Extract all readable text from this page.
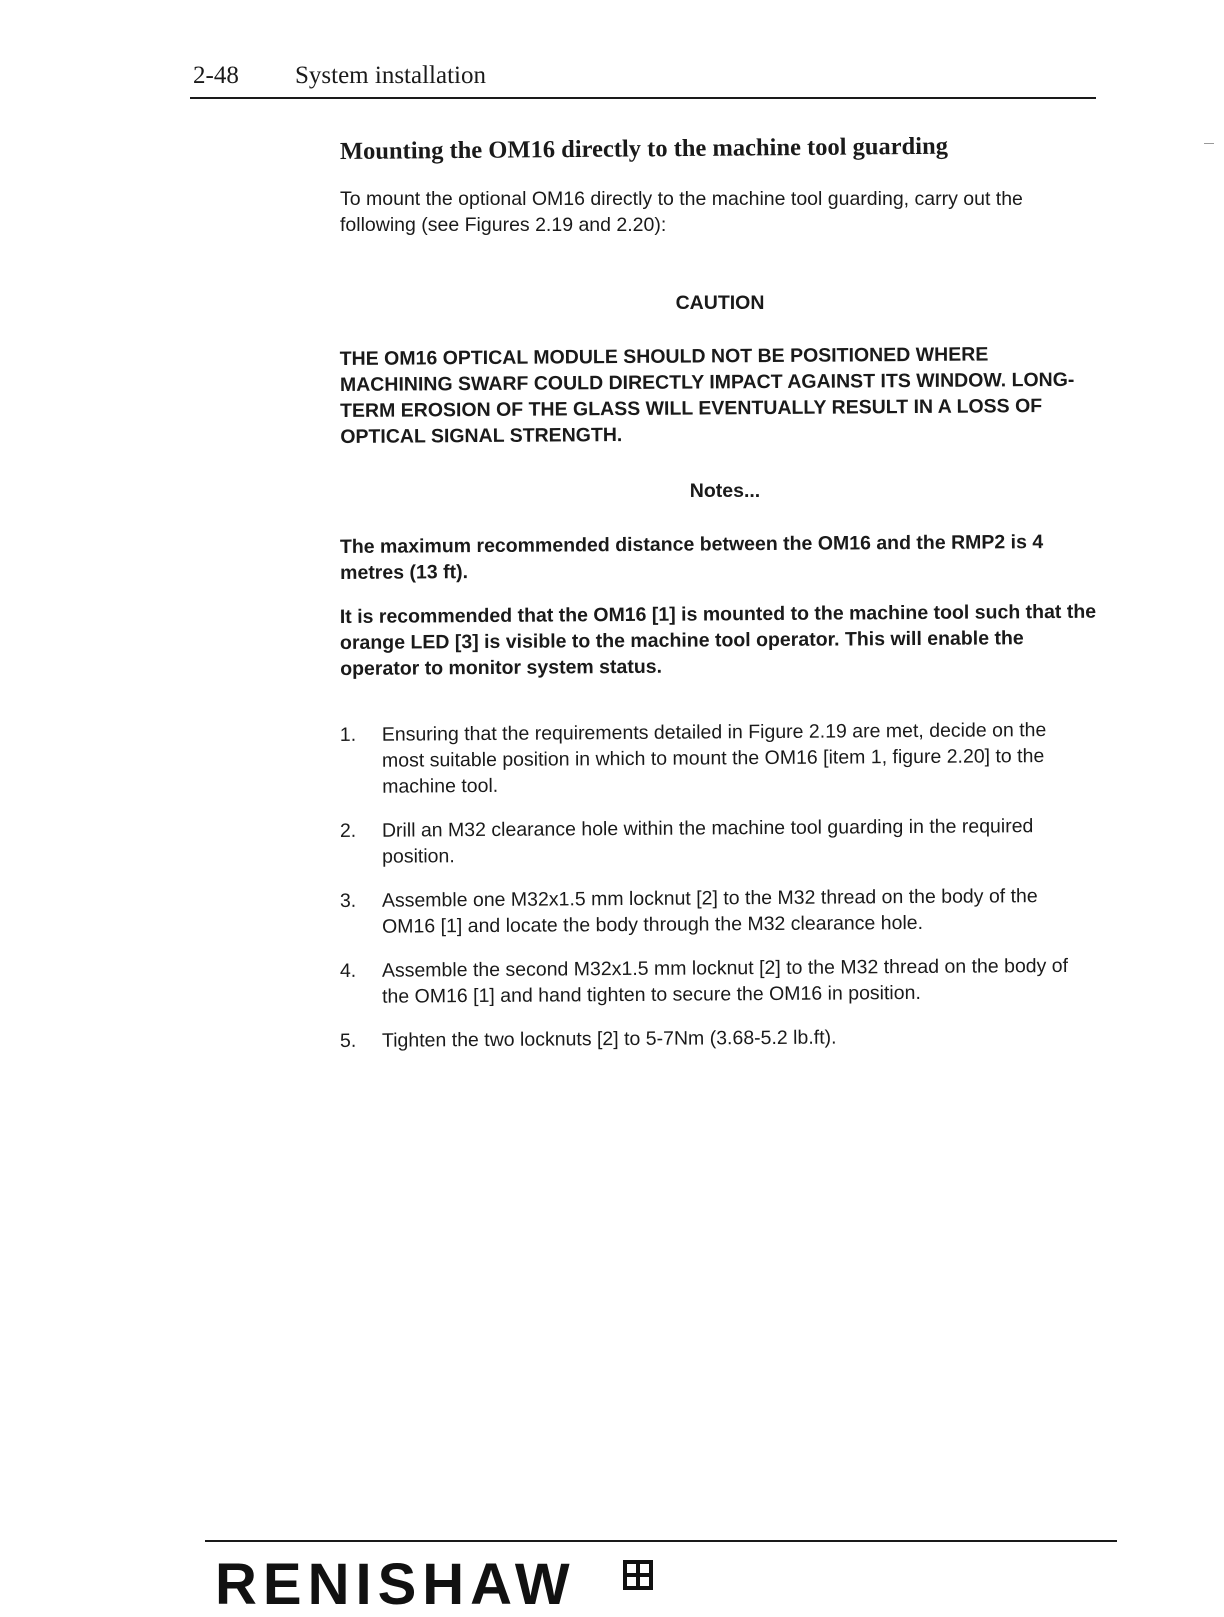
2-48 System installation
Mounting the OM16 directly to the machine tool guarding

To mount the optional OM16 directly to the machine tool guarding, carry out the following (see Figures 2.19 and 2.20):

CAUTION

THE OM16 OPTICAL MODULE SHOULD NOT BE POSITIONED WHERE MACHINING SWARF COULD DIRECTLY IMPACT AGAINST ITS WINDOW. LONG-TERM EROSION OF THE GLASS WILL EVENTUALLY RESULT IN A LOSS OF OPTICAL SIGNAL STRENGTH.

Notes...

The maximum recommended distance between the OM16 and the RMP2 is 4 metres (13 ft).

It is recommended that the OM16 [1] is mounted to the machine tool such that the orange LED [3] is visible to the machine tool operator. This will enable the operator to monitor system status.

1.	Ensuring that the requirements detailed in Figure 2.19 are met, decide on the most suitable position in which to mount the OM16 [item 1, figure 2.20] to the machine tool.
2.	Drill an M32 clearance hole within the machine tool guarding in the required position.
3.	Assemble one M32x1.5 mm locknut [2] to the M32 thread on the body of the OM16 [1] and locate the body through the M32 clearance hole.
4.	Assemble the second M32x1.5 mm locknut [2] to the M32 thread on the body of the OM16 [1] and hand tighten to secure the OM16 in position.
5.	Tighten the two locknuts [2] to 5-7Nm (3.68-5.2 lb.ft).
RENISHAW
